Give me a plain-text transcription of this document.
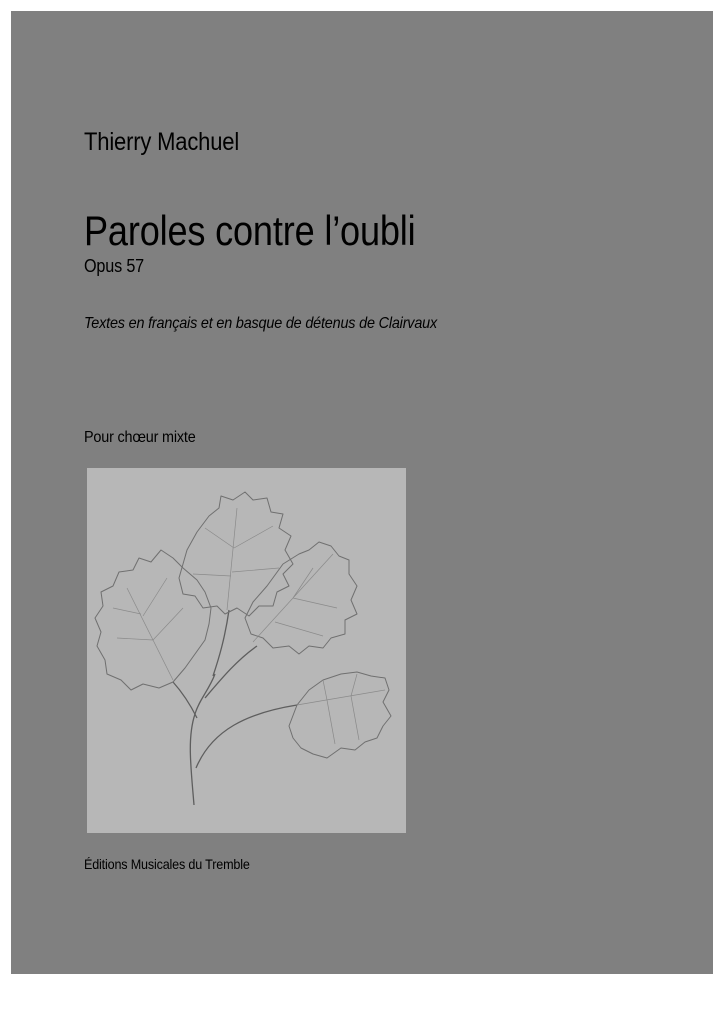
Thierry Machuel
Paroles contre l’oubli
Opus 57
Textes en français et en basque de détenus de Clairvaux
Pour chœur mixte
Éditions Musicales du Tremble
